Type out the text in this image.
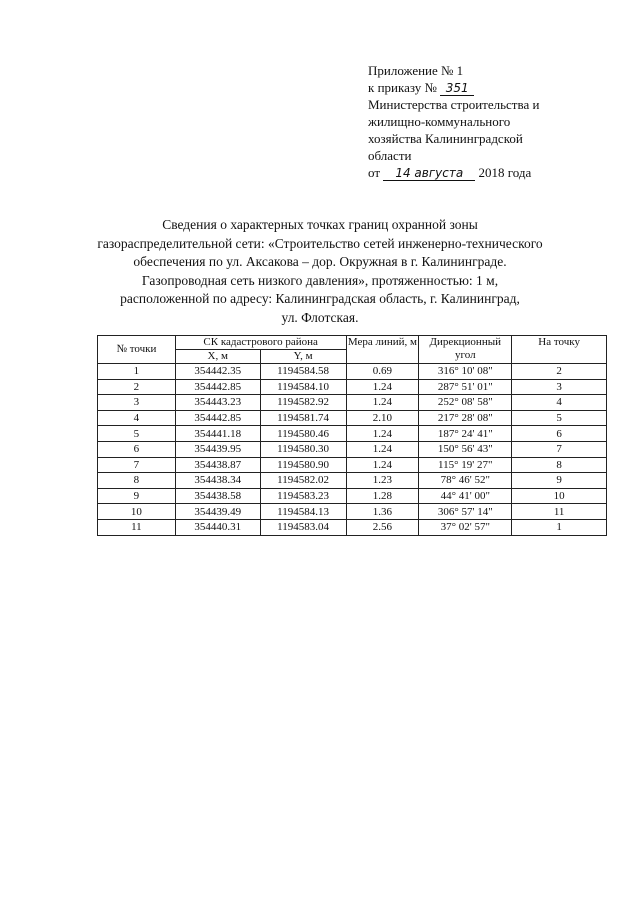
Приложение № 1
к приказу № 351
Министерства строительства и
жилищно-коммунального
хозяйства Калининградской
области
от 14 августа 2018 года
Сведения о характерных точках границ охранной зоны
газораспределительной сети: «Строительство сетей инженерно-технического
обеспечения по ул. Аксакова – дор. Окружная в г. Калининграде.
Газопроводная сеть низкого давления», протяженностью: 1 м,
расположенной по адресу: Калининградская область, г. Калининград,
ул. Флотская.
№ точки	СК кадастрового района		Мера линий, м	Дирекционный угол	На точку
	X, м	Y, м			
1	354442.35	1194584.58	0.69	316° 10' 08"	2
2	354442.85	1194584.10	1.24	287° 51' 01"	3
3	354443.23	1194582.92	1.24	252° 08' 58"	4
4	354442.85	1194581.74	2.10	217° 28' 08"	5
5	354441.18	1194580.46	1.24	187° 24' 41"	6
6	354439.95	1194580.30	1.24	150° 56' 43"	7
7	354438.87	1194580.90	1.24	115° 19' 27"	8
8	354438.34	1194582.02	1.23	78° 46' 52"	9
9	354438.58	1194583.23	1.28	44° 41' 00"	10
10	354439.49	1194584.13	1.36	306° 57' 14"	11
11	354440.31	1194583.04	2.56	37° 02' 57"	1
